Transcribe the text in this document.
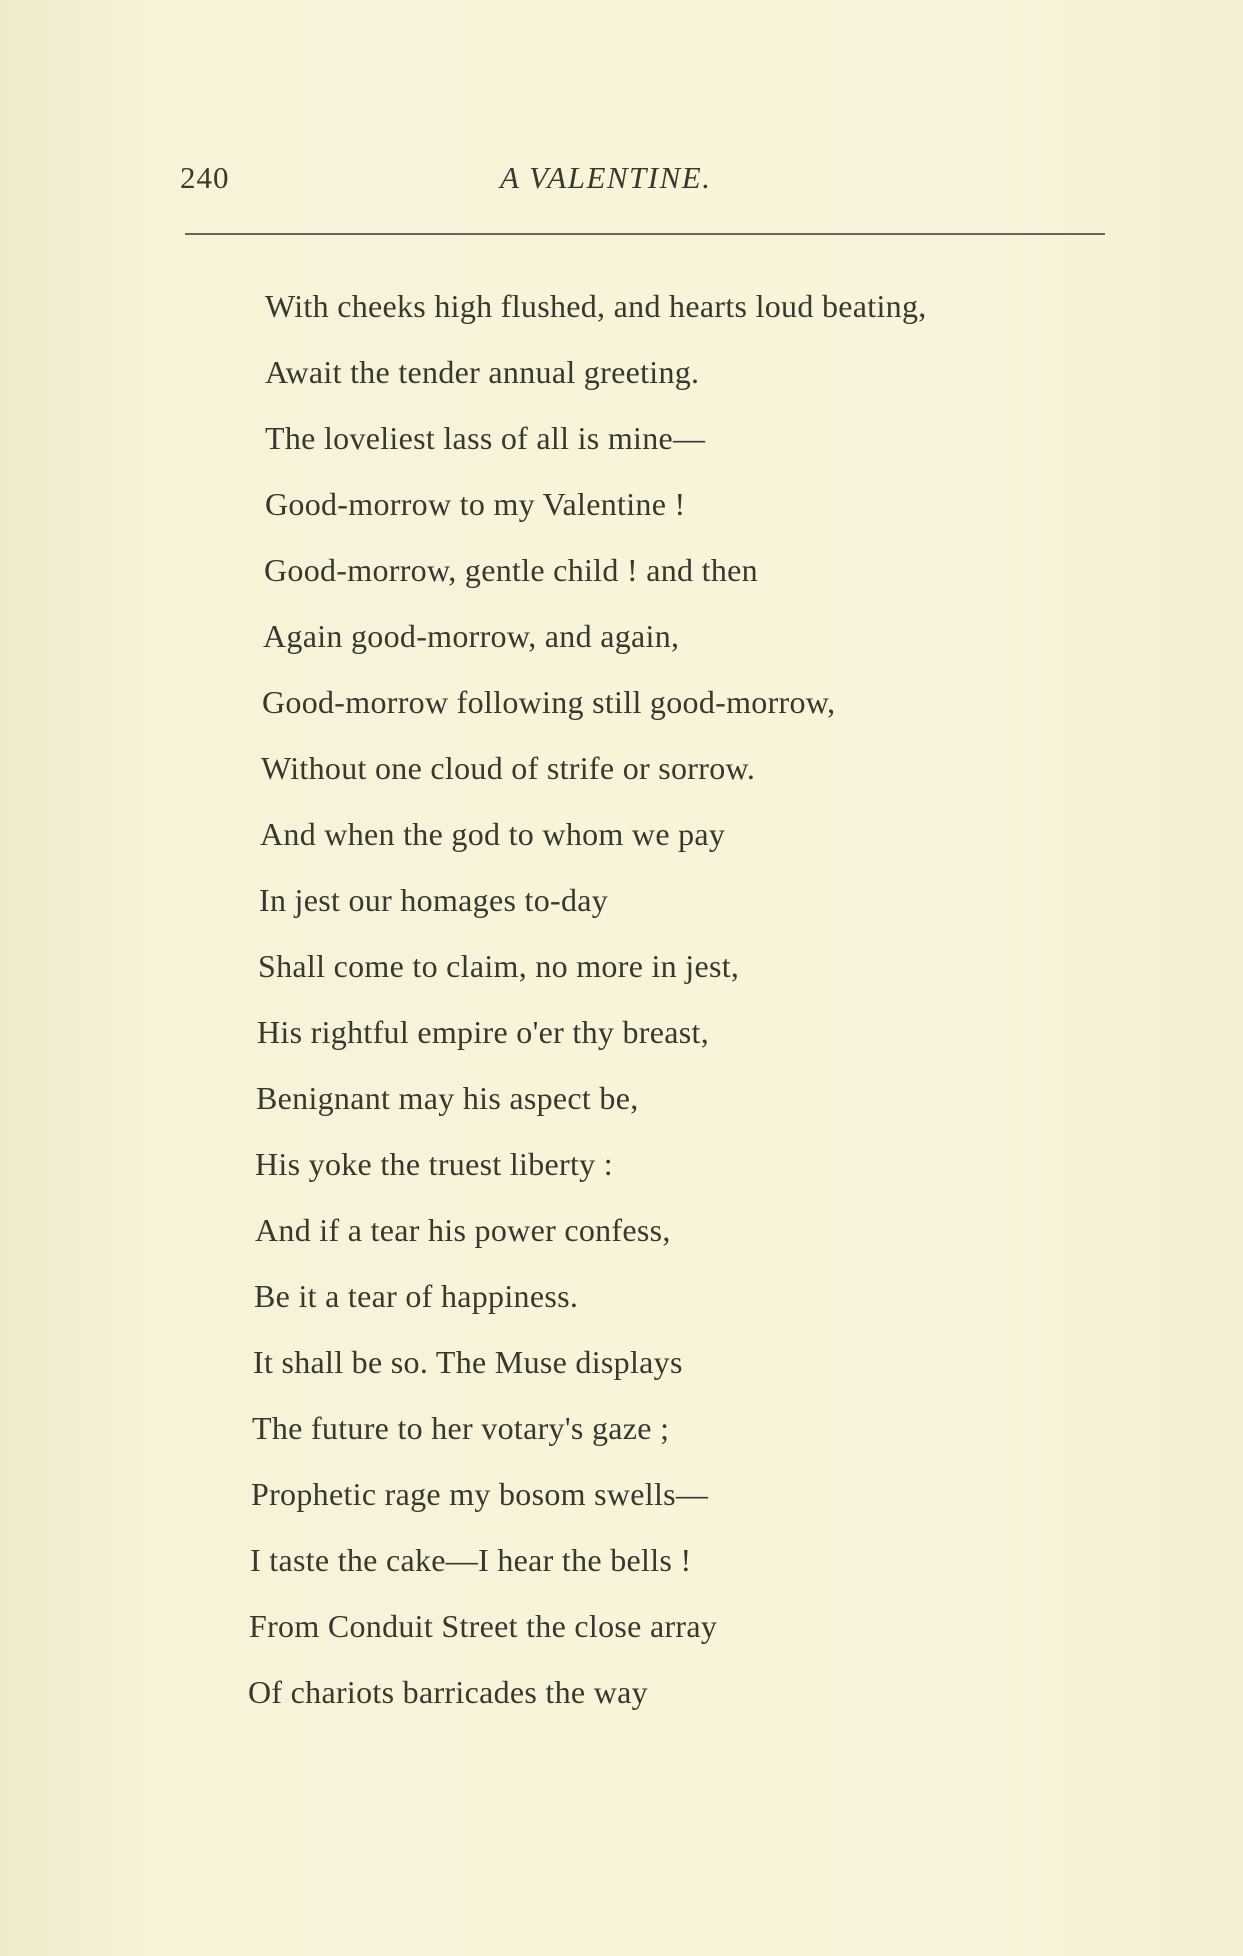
240	A VALENTINE.
With cheeks high flushed, and hearts loud beating,
Await the tender annual greeting.
The loveliest lass of all is mine—
Good-morrow to my Valentine !
Good-morrow, gentle child ! and then
Again good-morrow, and again,
Good-morrow following still good-morrow,
Without one cloud of strife or sorrow.
And when the god to whom we pay
In jest our homages to-day
Shall come to claim, no more in jest,
His rightful empire o'er thy breast,
Benignant may his aspect be,
His yoke the truest liberty :
And if a tear his power confess,
Be it a tear of happiness.
It shall be so. The Muse displays
The future to her votary's gaze ;
Prophetic rage my bosom swells—
I taste the cake—I hear the bells !
From Conduit Street the close array
Of chariots barricades the way
